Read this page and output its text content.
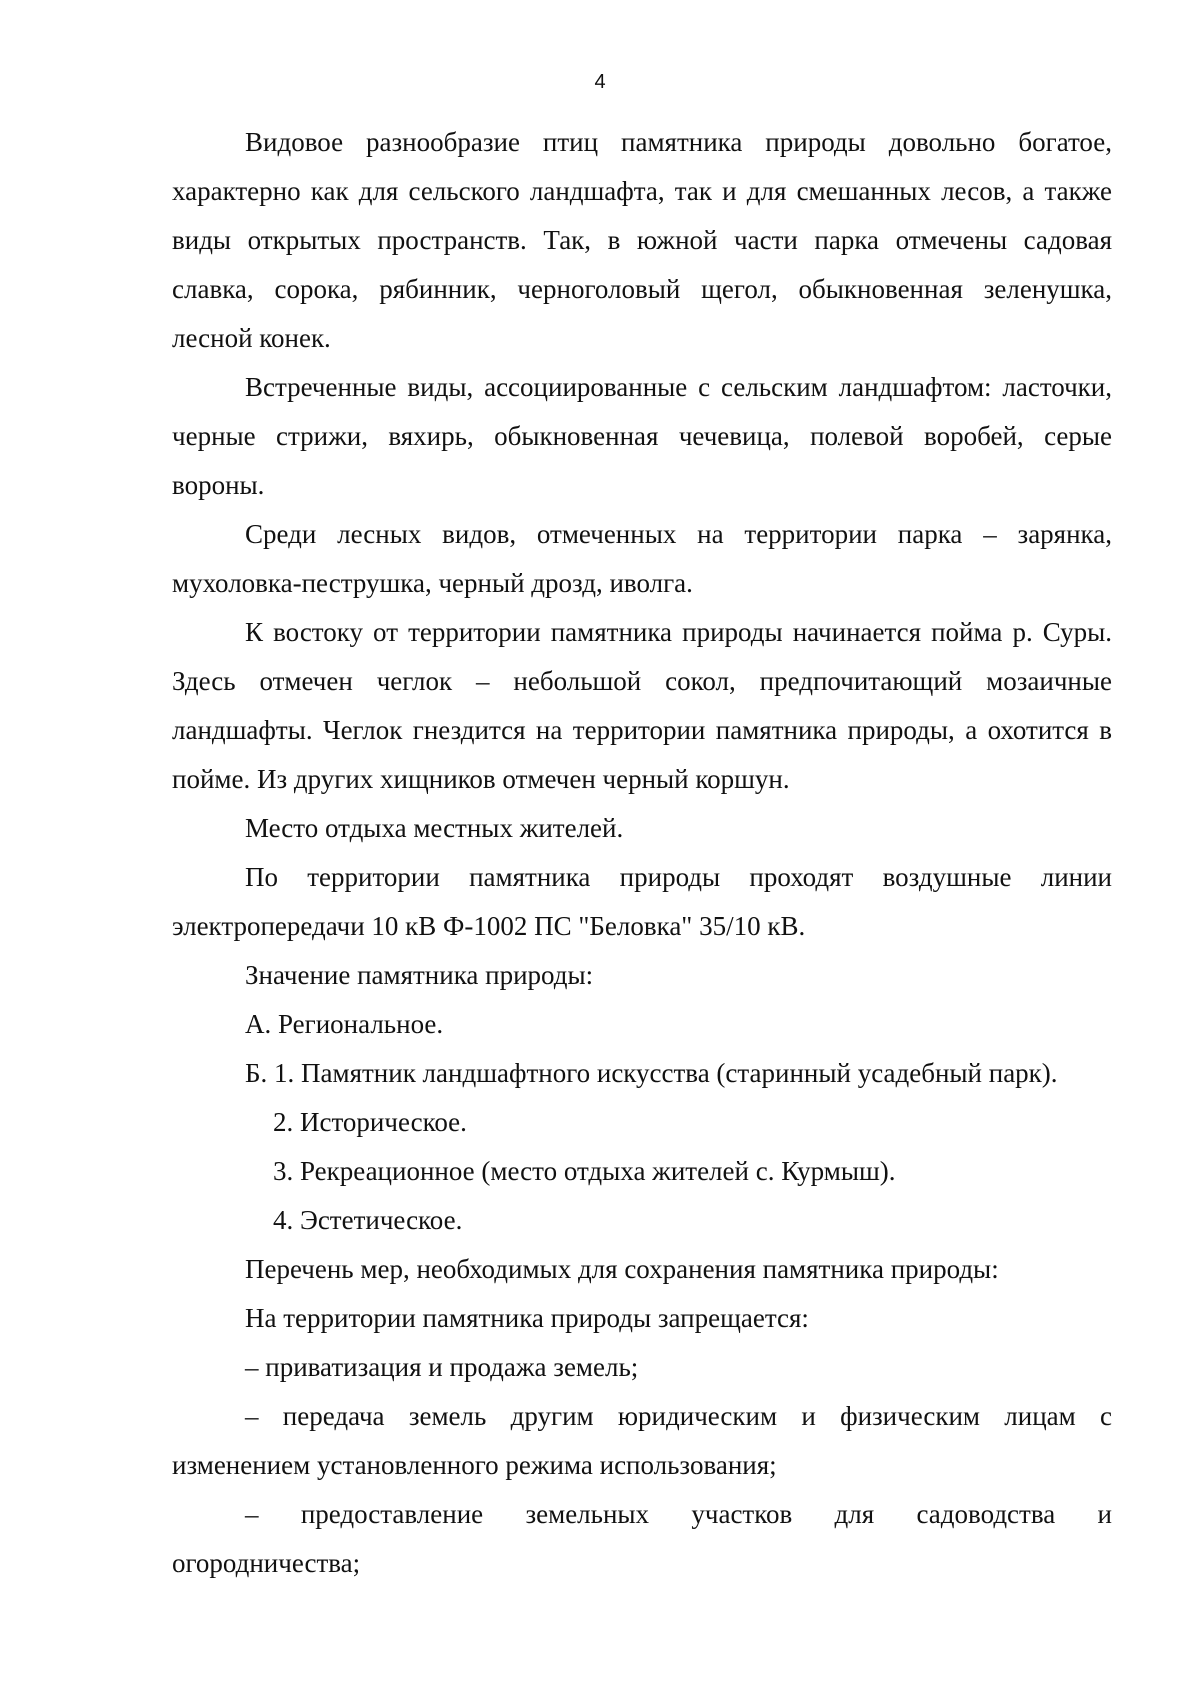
4

Видовое разнообразие птиц памятника природы довольно богатое, характерно как для сельского ландшафта, так и для смешанных лесов, а также виды открытых пространств. Так, в южной части парка отмечены садовая славка, сорока, рябинник, черноголовый щегол, обыкновенная зеленушка, лесной конек.

Встреченные виды, ассоциированные с сельским ландшафтом: ласточки, черные стрижи, вяхирь, обыкновенная чечевица, полевой воробей, серые вороны.

Среди лесных видов, отмеченных на территории парка – зарянка, мухоловка-пеструшка, черный дрозд, иволга.

К востоку от территории памятника природы начинается пойма р. Суры. Здесь отмечен чеглок – небольшой сокол, предпочитающий мозаичные ландшафты. Чеглок гнездится на территории памятника природы, а охотится в пойме. Из других хищников отмечен черный коршун.

Место отдыха местных жителей.

По территории памятника природы проходят воздушные линии электропередачи 10 кВ Ф-1002 ПС "Беловка" 35/10 кВ.

Значение памятника природы:

А. Региональное.

Б. 1. Памятник ландшафтного искусства (старинный усадебный парк).

2. Историческое.

3. Рекреационное (место отдыха жителей с. Курмыш).

4. Эстетическое.

Перечень мер, необходимых для сохранения памятника природы:

На территории памятника природы запрещается:

– приватизация и продажа земель;

– передача земель другим юридическим и физическим лицам с изменением установленного режима использования;

– предоставление земельных участков для садоводства и огородничества;
